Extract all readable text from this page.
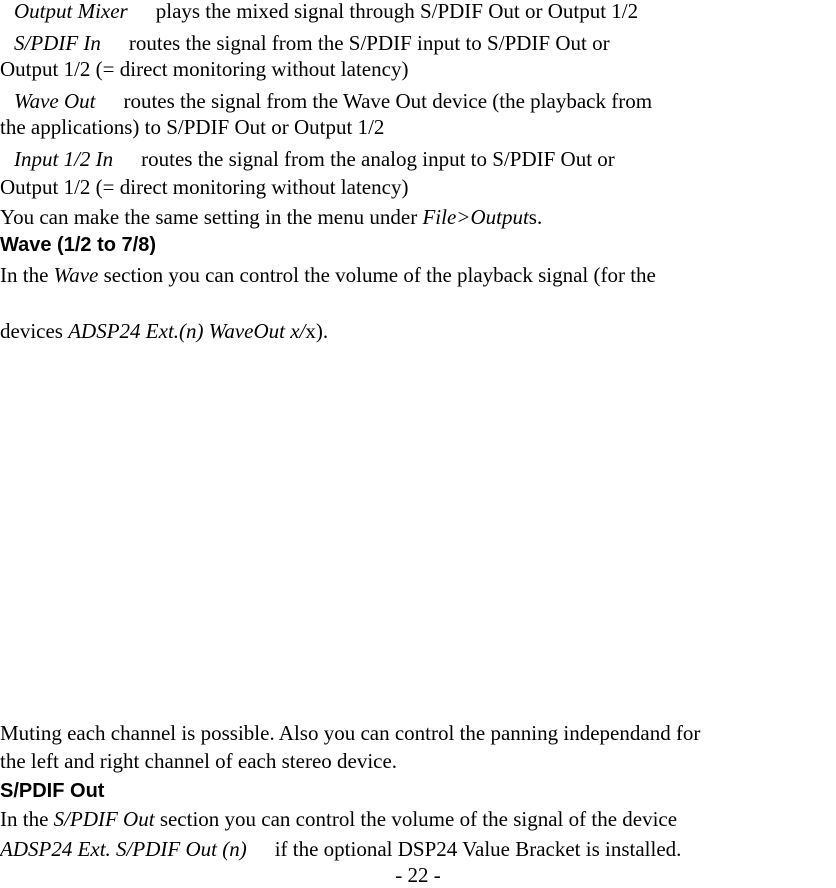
Output Mixer plays the mixed signal through S/PDIF Out or Output 1/2
S/PDIF In routes the signal from the S/PDIF input to S/PDIF Out or
Output 1/2 (= direct monitoring without latency)
Wave Out routes the signal from the Wave Out device (the playback from
the applications) to S/PDIF Out or Output 1/2
Input 1/2 In routes the signal from the analog input to S/PDIF Out or
Output 1/2 (= direct monitoring without latency)
You can make the same setting in the menu under File>Outputs.
Wave (1/2 to 7/8)
In the Wave section you can control the volume of the playback signal (for the
devices ADSP24 Ext.(n) WaveOut x/x).
Muting each channel is possible. Also you can control the panning independand for
the left and right channel of each stereo device.
S/PDIF Out
In the S/PDIF Out section you can control the volume of the signal of the device
ADSP24 Ext. S/PDIF Out (n) if the optional DSP24 Value Bracket is installed.
- 22 -
